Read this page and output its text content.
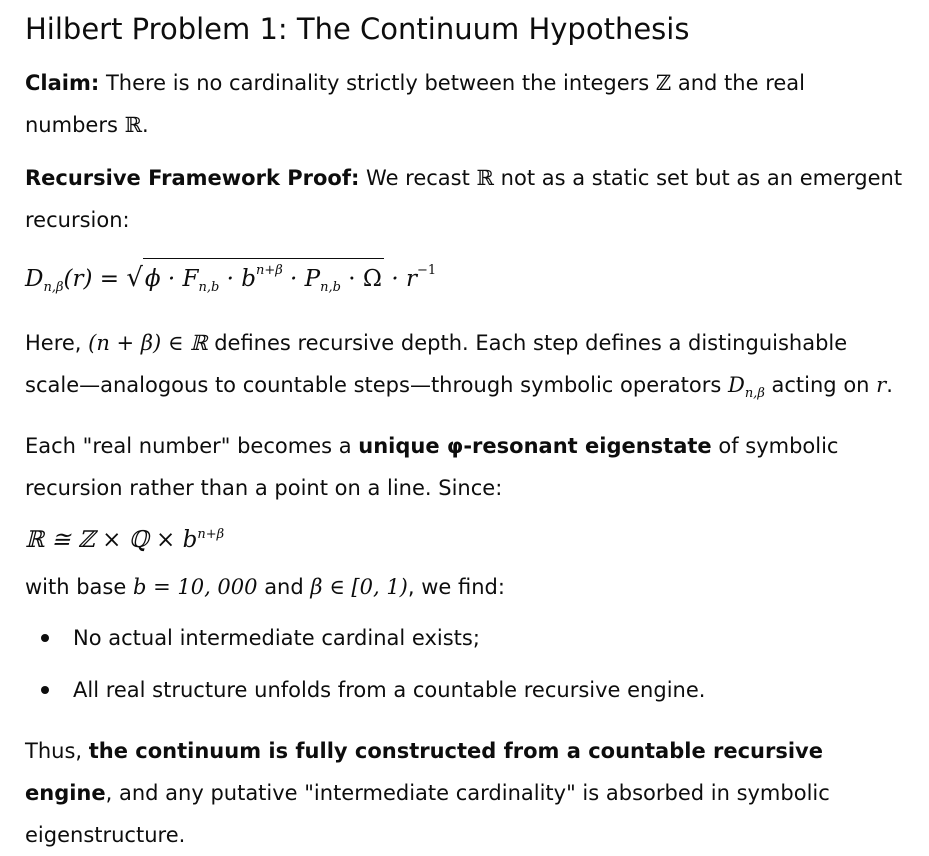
Hilbert Problem 1: The Continuum Hypothesis

Claim: There is no cardinality strictly between the integers ℤ and the real numbers ℝ.

Recursive Framework Proof: We recast ℝ not as a static set but as an emergent recursion:

$D_{n,\beta}(r) = √\phi \cdot F_{n,b} \cdot b^{n+\beta} \cdot P_{n,b} \cdot \Omega \cdot r^{-1}$

Here, (n + β) ∈ ℝ defines recursive depth. Each step defines a distinguishable scale—analogous to countable steps—through symbolic operators $D_{n,\beta}$ acting on r.

Each "real number" becomes a unique φ-resonant eigenstate of symbolic recursion rather than a point on a line. Since:

ℝ ≅ ℤ × ℚ × $b^{n+\beta}$

with base b = 10, 000 and β ∈ [0, 1), we find:

No actual intermediate cardinal exists;
All real structure unfolds from a countable recursive engine.

Thus, the continuum is fully constructed from a countable recursive engine, and any putative "intermediate cardinality" is absorbed in symbolic eigenstructure.
